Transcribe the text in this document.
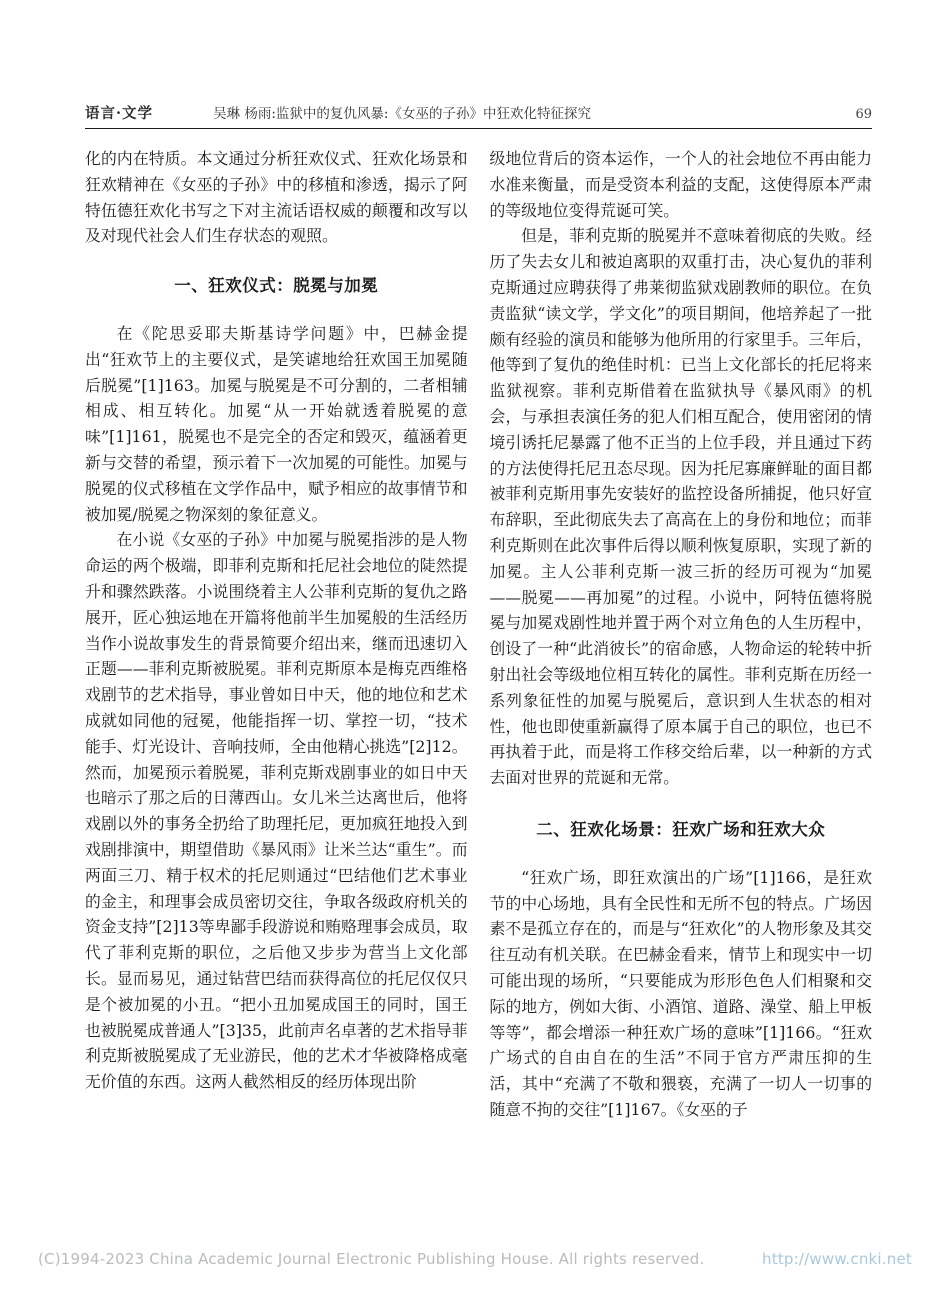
语言·文学	吴琳 杨雨:监狱中的复仇风暴:《女巫的子孙》中狂欢化特征探究	69

化的内在特质。本文通过分析狂欢仪式、狂欢化场景和狂欢精神在《女巫的子孙》中的移植和渗透，揭示了阿特伍德狂欢化书写之下对主流话语权威的颠覆和改写以及对现代社会人们生存状态的观照。

一、狂欢仪式：脱冕与加冕

在《陀思妥耶夫斯基诗学问题》中，巴赫金提出“狂欢节上的主要仪式，是笑谑地给狂欢国王加冕随后脱冕”[1]163。加冕与脱冕是不可分割的，二者相辅相成、相互转化。加冕“从一开始就透着脱冕的意味”[1]161，脱冕也不是完全的否定和毁灭，蕴涵着更新与交替的希望，预示着下一次加冕的可能性。加冕与脱冕的仪式移植在文学作品中，赋予相应的故事情节和被加冕/脱冕之物深刻的象征意义。

在小说《女巫的子孙》中加冕与脱冕指涉的是人物命运的两个极端，即菲利克斯和托尼社会地位的陡然提升和骤然跌落。小说围绕着主人公菲利克斯的复仇之路展开，匠心独运地在开篇将他前半生加冕般的生活经历当作小说故事发生的背景简要介绍出来，继而迅速切入正题——菲利克斯被脱冕。菲利克斯原本是梅克西维格戏剧节的艺术指导，事业曾如日中天，他的地位和艺术成就如同他的冠冕，他能指挥一切、掌控一切，“技术能手、灯光设计、音响技师，全由他精心挑选”[2]12。然而，加冕预示着脱冕，菲利克斯戏剧事业的如日中天也暗示了那之后的日薄西山。女儿米兰达离世后，他将戏剧以外的事务全扔给了助理托尼，更加疯狂地投入到戏剧排演中，期望借助《暴风雨》让米兰达“重生”。而两面三刀、精于权术的托尼则通过“巴结他们艺术事业的金主，和理事会成员密切交往，争取各级政府机关的资金支持”[2]13等卑鄙手段游说和贿赂理事会成员，取代了菲利克斯的职位，之后他又步步为营当上文化部长。显而易见，通过钻营巴结而获得高位的托尼仅仅只是个被加冕的小丑。“把小丑加冕成国王的同时，国王也被脱冕成普通人”[3]35，此前声名卓著的艺术指导菲利克斯被脱冕成了无业游民，他的艺术才华被降格成毫无价值的东西。这两人截然相反的经历体现出阶

级地位背后的资本运作，一个人的社会地位不再由能力水准来衡量，而是受资本利益的支配，这使得原本严肃的等级地位变得荒诞可笑。

但是，菲利克斯的脱冕并不意味着彻底的失败。经历了失去女儿和被迫离职的双重打击，决心复仇的菲利克斯通过应聘获得了弗莱彻监狱戏剧教师的职位。在负责监狱“读文学，学文化”的项目期间，他培养起了一批颇有经验的演员和能够为他所用的行家里手。三年后，他等到了复仇的绝佳时机：已当上文化部长的托尼将来监狱视察。菲利克斯借着在监狱执导《暴风雨》的机会，与承担表演任务的犯人们相互配合，使用密闭的情境引诱托尼暴露了他不正当的上位手段，并且通过下药的方法使得托尼丑态尽现。因为托尼寡廉鲜耻的面目都被菲利克斯用事先安装好的监控设备所捕捉，他只好宣布辞职，至此彻底失去了高高在上的身份和地位；而菲利克斯则在此次事件后得以顺利恢复原职，实现了新的加冕。主人公菲利克斯一波三折的经历可视为“加冕——脱冕——再加冕”的过程。小说中，阿特伍德将脱冕与加冕戏剧性地并置于两个对立角色的人生历程中，创设了一种“此消彼长”的宿命感，人物命运的轮转中折射出社会等级地位相互转化的属性。菲利克斯在历经一系列象征性的加冕与脱冕后，意识到人生状态的相对性，他也即使重新赢得了原本属于自己的职位，也已不再执着于此，而是将工作移交给后辈，以一种新的方式去面对世界的荒诞和无常。

二、狂欢化场景：狂欢广场和狂欢大众

“狂欢广场，即狂欢演出的广场”[1]166，是狂欢节的中心场地，具有全民性和无所不包的特点。广场因素不是孤立存在的，而是与“狂欢化”的人物形象及其交往互动有机关联。在巴赫金看来，情节上和现实中一切可能出现的场所，“只要能成为形形色色人们相聚和交际的地方，例如大街、小酒馆、道路、澡堂、船上甲板等等”，都会增添一种狂欢广场的意味”[1]166。“狂欢广场式的自由自在的生活”不同于官方严肃压抑的生活，其中“充满了不敬和猥亵，充满了一切人一切事的随意不拘的交往”[1]167。《女巫的子

(C)1994-2023 China Academic Journal Electronic Publishing House. All rights reserved.	http://www.cnki.net
